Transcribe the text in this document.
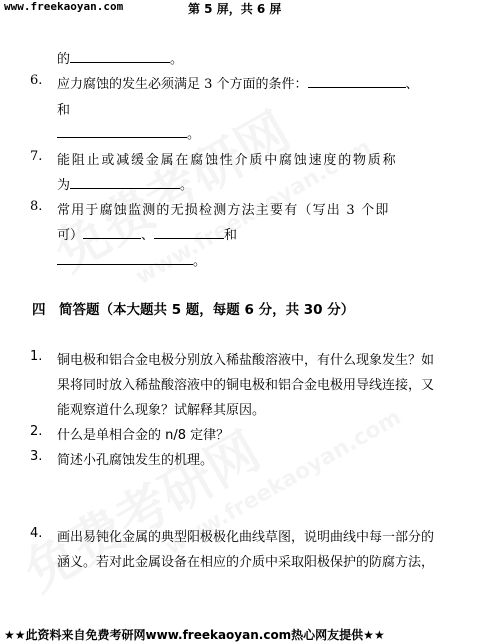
www.freekaoyan.com	第 5 屏，共 6 屏
的	。
6. 应力腐蚀的发生必须满足 3 个方面的条件：	、
和
。
7. 能阻止或减缓金属在腐蚀性介质中腐蚀速度的物质称
为	。
8. 常用于腐蚀监测的无损检测方法主要有（写出 3 个即
可）	、	和
。
四　简答题（本大题共 5 题，每题 6 分，共 30 分）
1. 铜电极和铝合金电极分别放入稀盐酸溶液中，有什么现象发生？如
果将同时放入稀盐酸溶液中的铜电极和铝合金电极用导线连接，又
能观察道什么现象？试解释其原因。
2. 什么是单相合金的 n/8 定律？
3. 简述小孔腐蚀发生的机理。
4. 画出易钝化金属的典型阳极极化曲线草图，说明曲线中每一部分的
涵义。若对此金属设备在相应的介质中采取阳极保护的防腐方法，
★★此资料来自免费考研网www.freekaoyan.com热心网友提供★★
